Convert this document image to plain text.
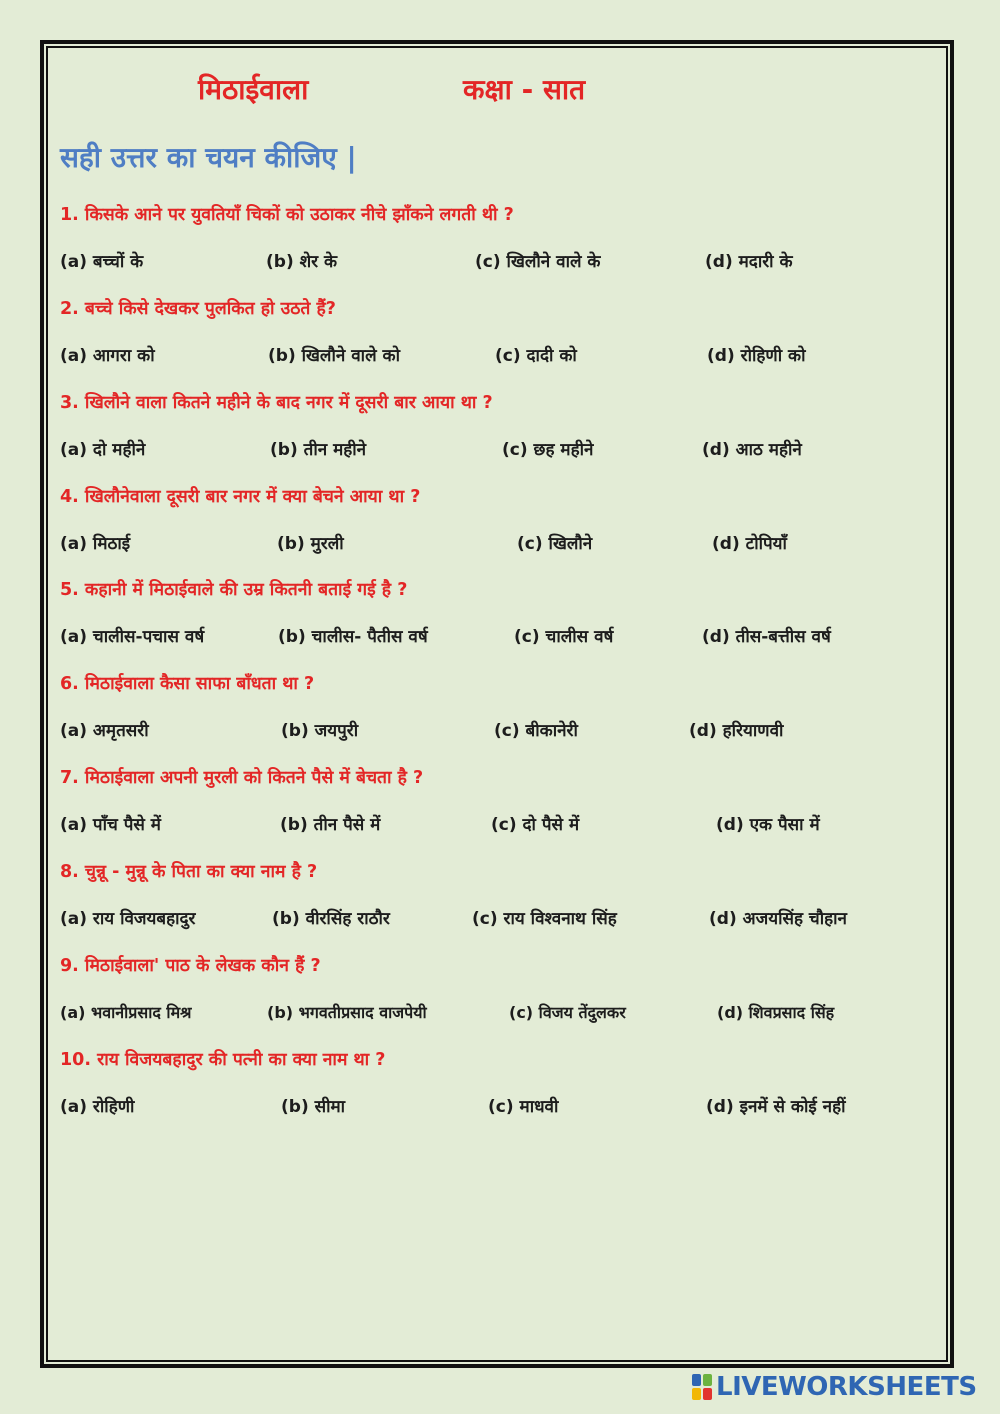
मिठाईवाला	कक्षा - सात
सही उत्तर का चयन कीजिए |
1. किसके आने पर युवतियाँ चिकों को उठाकर नीचे झाँकने लगती थी ?
(a) बच्चों के	(b) शेर के	(c) खिलौने वाले के	(d) मदारी के
2. बच्चे किसे देखकर पुलकित हो उठते हैं?
(a) आगरा को	(b) खिलौने वाले को	(c) दादी को	(d) रोहिणी को
3. खिलौने वाला कितने महीने के बाद नगर में दूसरी बार आया था ?
(a) दो महीने	(b) तीन महीने	(c) छह महीने	(d) आठ महीने
4. खिलौनेवाला दूसरी बार नगर में क्या बेचने आया था ?
(a) मिठाई	(b) मुरली	(c) खिलौने	(d) टोपियाँ
5. कहानी में मिठाईवाले की उम्र कितनी बताई गई है ?
(a) चालीस-पचास वर्ष	(b) चालीस- पैतीस वर्ष	(c) चालीस वर्ष	(d) तीस-बत्तीस वर्ष
6. मिठाईवाला कैसा साफा बाँधता था ?
(a) अमृतसरी	(b) जयपुरी	(c) बीकानेरी	(d) हरियाणवी
7. मिठाईवाला अपनी मुरली को कितने पैसे में बेचता है ?
(a) पाँच पैसे में	(b) तीन पैसे में	(c) दो पैसे में	(d) एक पैसा में
8. चुन्नू - मुन्नू के पिता का क्या नाम है ?
(a) राय विजयबहादुर	(b) वीरसिंह राठौर	(c) राय विश्वनाथ सिंह	(d) अजयसिंह चौहान
9. मिठाईवाला' पाठ के लेखक कौन हैं ?
(a) भवानीप्रसाद मिश्र	(b) भगवतीप्रसाद वाजपेयी	(c) विजय तेंदुलकर	(d) शिवप्रसाद सिंह
10. राय विजयबहादुर की पत्नी का क्या नाम था ?
(a) रोहिणी	(b) सीमा	(c) माधवी	(d) इनमें से कोई नहीं
LIVEWORKSHEETS
